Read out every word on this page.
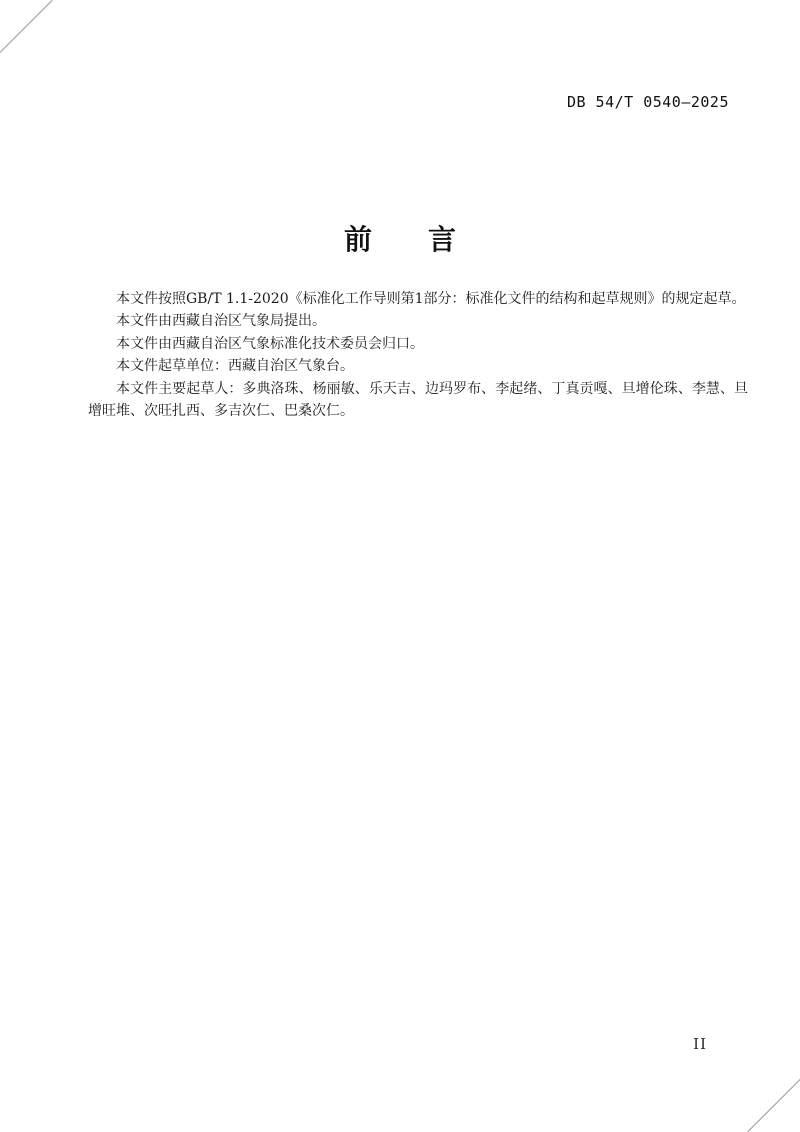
DB 54/T 0540—2025
前　　言

本文件按照GB/T 1.1-2020《标准化工作导则第1部分：标准化文件的结构和起草规则》的规定起草。

本文件由西藏自治区气象局提出。

本文件由西藏自治区气象标准化技术委员会归口。

本文件起草单位：西藏自治区气象台。

本文件主要起草人：多典洛珠、杨丽敏、乐天吉、边玛罗布、李起绪、丁真贡嘎、旦增伦珠、李慧、旦增旺堆、次旺扎西、多吉次仁、巴桑次仁。

II
